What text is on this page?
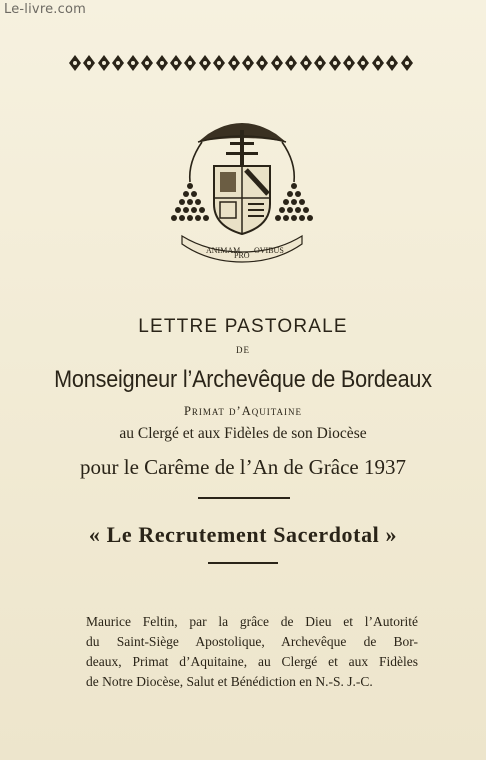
Le-livre.com
ANIMAM
PRO
OVIBUS
LETTRE PASTORALE
DE
Monseigneur l’Archevêque de Bordeaux
Primat d’Aquitaine
au Clergé et aux Fidèles de son Diocèse
pour le Carême de l’An de Grâce 1937
« Le Recrutement Sacerdotal »
Maurice Feltin, par la grâce de Dieu et l’Autorité
du Saint-Siège Apostolique, Archevêque de Bor-
deaux, Primat d’Aquitaine, au Clergé et aux Fidèles
de Notre Diocèse, Salut et Bénédiction en N.-S. J.-C.
